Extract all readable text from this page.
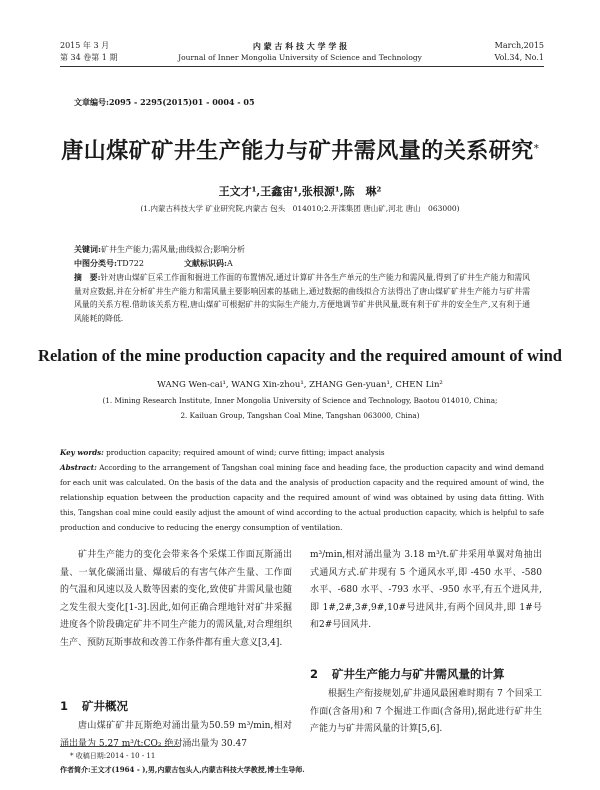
2015 年 3 月
第 34 卷第 1 期
内 蒙 古 科 技 大 学 学 报
Journal of Inner Mongolia University of Science and Technology
March,2015
Vol.34, No.1
文章编号:2095 - 2295(2015)01 - 0004 - 05
唐山煤矿矿井生产能力与矿井需风量的关系研究*
王文才¹,王鑫宙¹,张根源¹,陈　琳²
(1.内蒙古科技大学 矿业研究院,内蒙古 包头　014010;2.开滦集团 唐山矿,河北 唐山　063000)
关键词:矿井生产能力;需风量;曲线拟合;影响分析
中图分类号:TD722	文献标识码:A
摘　要:针对唐山煤矿巨采工作面和掘进工作面的布置情况,通过计算矿井各生产单元的生产能力和需风量,得到了矿井生产能力和需风量对应数据,并在分析矿井生产能力和需风量主要影响因素的基础上,通过数据的曲线拟合方法得出了唐山煤矿矿井生产能力与矿井需风量的关系方程.借助该关系方程,唐山煤矿可根据矿井的实际生产能力,方便地调节矿井供风量,既有利于矿井的安全生产,又有利于通风能耗的降低.
Relation of the mine production capacity and the required amount of wind
WANG Wen-cai¹, WANG Xin-zhou¹, ZHANG Gen-yuan¹, CHEN Lin²
(1. Mining Research Institute, Inner Mongolia University of Science and Technology, Baotou 014010, China;
2. Kailuan Group, Tangshan Coal Mine, Tangshan 063000, China)
Key words: production capacity; required amount of wind; curve fitting; impact analysis
Abstract: According to the arrangement of Tangshan coal mining face and heading face, the production capacity and wind demand for each unit was calculated. On the basis of the data and the analysis of production capacity and the required amount of wind, the relationship equation between the production capacity and the required amount of wind was obtained by using data fitting. With this, Tangshan coal mine could easily adjust the amount of wind according to the actual production capacity, which is helpful to safe production and conducive to reducing the energy consumption of ventilation.
矿井生产能力的变化会带来各个采煤工作面瓦斯涌出量、一氧化碳涌出量、爆破后的有害气体产生量、工作面的气温和风速以及人数等因素的变化,致使矿井需风量也随之发生很大变化[1-3].因此,如何正确合理地针对矿井采掘进度各个阶段确定矿井不同生产能力的需风量,对合理组织生产、预防瓦斯事故和改善工作条件都有重大意义[3,4].
1 矿井概况
唐山煤矿矿井瓦斯绝对涌出量为50.59 m³/min,相对涌出量为 5.27 m³/t;CO₂ 绝对涌出量为 30.47
m³/min,相对涌出量为 3.18 m³/t.矿井采用单翼对角抽出式通风方式.矿井现有 5 个通风水平,即 -450 水平、-580 水平、-680 水平、-793 水平、-950 水平,有五个进风井,即 1#,2#,3#,9#,10#号进风井,有两个回风井,即 1#号和2#号回风井.
2 矿井生产能力与矿井需风量的计算
根据生产衔接规划,矿井通风最困难时期有 7 个回采工作面(含备用)和 7 个掘进工作面(含备用),据此进行矿井生产能力与矿井需风量的计算[5,6].
* 收稿日期:2014 - 10 - 11
作者简介:王文才(1964 - ),男,内蒙古包头人,内蒙古科技大学教授,博士生导师.
